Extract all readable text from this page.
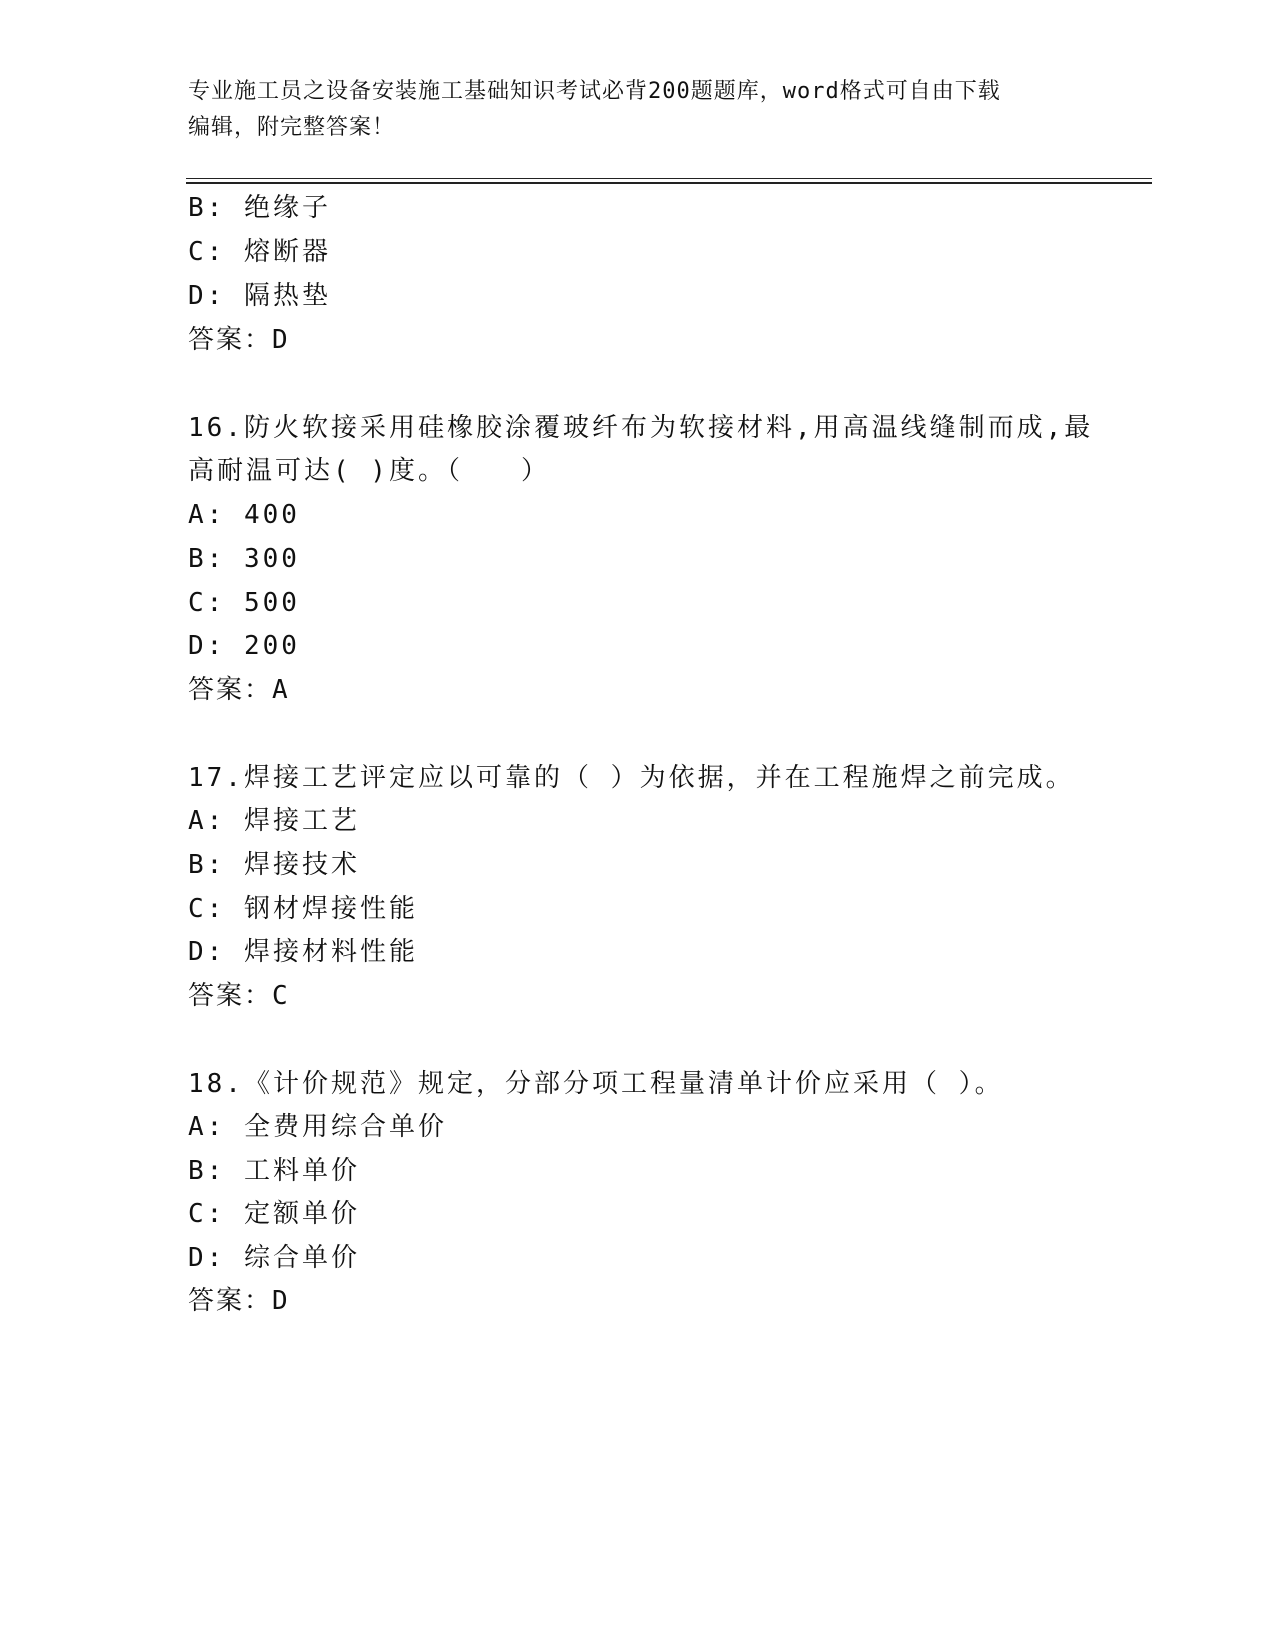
专业施工员之设备安装施工基础知识考试必背200题题库，word格式可自由下载
编辑，附完整答案！
B: 绝缘子
C: 熔断器
D: 隔热垫
答案：D
16.防火软接采用硅橡胶涂覆玻纤布为软接材料,用高温线缝制而成,最
高耐温可达( )度。（　　）
A: 400
B: 300
C: 500
D: 200
答案：A
17.焊接工艺评定应以可靠的（ ）为依据，并在工程施焊之前完成。
A: 焊接工艺
B: 焊接技术
C: 钢材焊接性能
D: 焊接材料性能
答案：C
18.《计价规范》规定，分部分项工程量清单计价应采用（ ）。
A: 全费用综合单价
B: 工料单价
C: 定额单价
D: 综合单价
答案：D
